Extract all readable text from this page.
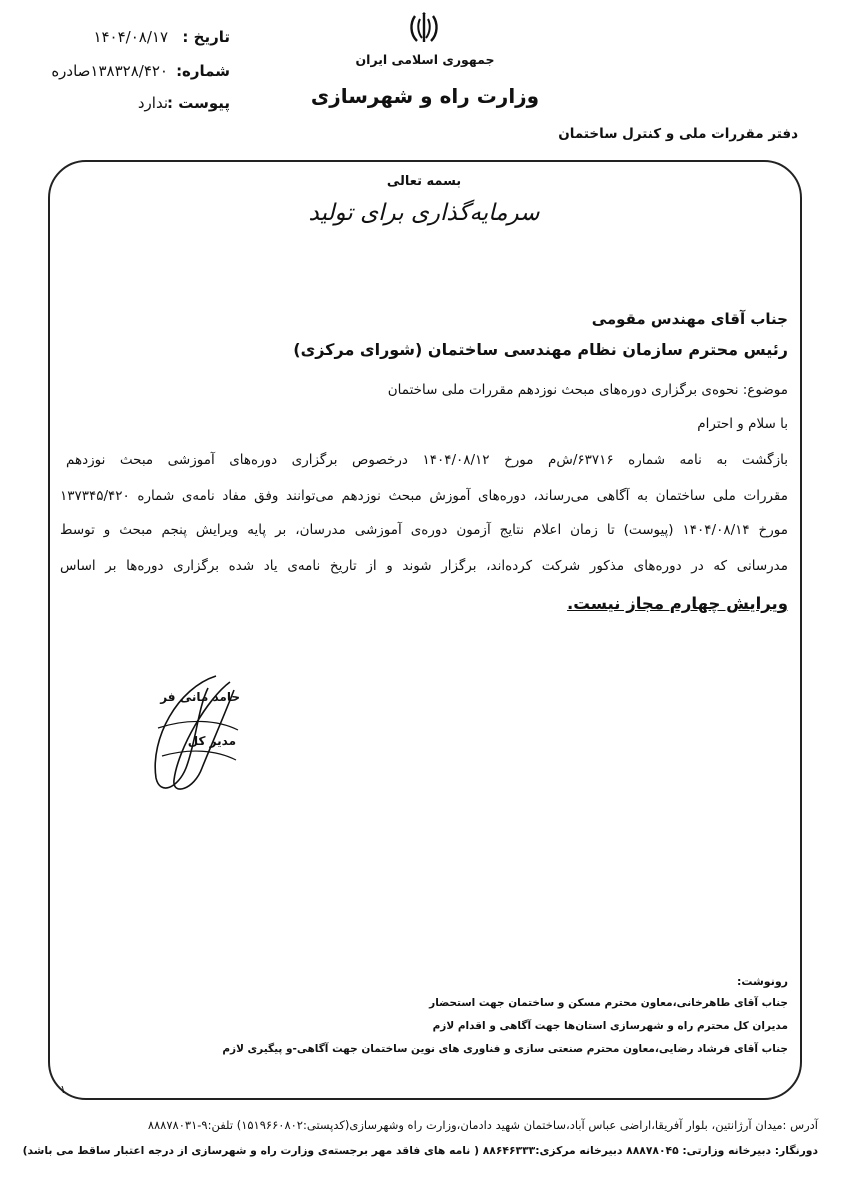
تاریخ :
۱۴۰۴/۰۸/۱۷
شماره:
۱۳۸۳۲۸/۴۲۰صادره
پیوست :
ندارد
جمهوری اسلامی ایران
وزارت راه و شهرسازی
دفتر مقررات ملی و کنترل ساختمان
بسمه تعالی
سرمایه‌گذاری برای تولید
جناب آقای مهندس مقومی
رئیس محترم سازمان نظام مهندسی ساختمان (شورای مرکزی)
موضوع: نحوه‌ی برگزاری دوره‌های مبحث نوزدهم مقررات ملی ساختمان
با سلام و احترام
بازگشت به نامه شماره ۶۳۷۱۶/ش‌م مورخ ۱۴۰۴/۰۸/۱۲ درخصوص برگزاری دوره‌های آموزشی مبحث نوزدهم
مقررات ملی ساختمان به آگاهی می‌رساند، دوره‌های آموزش مبحث نوزدهم می‌توانند وفق مفاد نامه‌ی شماره ۱۳۷۳۴۵/۴۲۰
مورخ ۱۴۰۴/۰۸/۱۴ (پیوست) تا زمان اعلام نتایج آزمون دوره‌ی آموزشی مدرسان، بر پایه ویرایش پنجم مبحث و توسط
مدرسانی که در دوره‌های مذکور شرکت کرده‌اند، برگزار شوند و از تاریخ نامه‌ی یاد شده برگزاری دوره‌ها بر اساس
ویرایش چهارم مجاز نیست.
حامد مانی فر
مدیر کل
رونوشت:
جناب آقای طاهرخانی،معاون محترم مسکن و ساختمان جهت استحضار
مدیران کل محترم راه و شهرسازی استان‌ها جهت آگاهی و اقدام لازم
جناب آقای فرشاد رضایی،معاون محترم صنعتی سازی و فناوری های نوین ساختمان جهت آگاهی-و پیگیری لازم
۱
آدرس :میدان آرژانتین، بلوار آفریقا،اراضی عباس آباد،ساختمان شهید دادمان،وزارت راه وشهرسازی(کدپستی:۱۵۱۹۶۶۰۸۰۲) تلفن:۹-۸۸۸۷۸۰۳۱
دورنگار: دبیرخانه وزارتی: ۸۸۸۷۸۰۴۵ دبیرخانه مرکزی:۸۸۶۴۶۳۳۳ ( نامه های فاقد مهر برجسته‌ی وزارت راه و شهرسازی از درجه اعتبار ساقط می باشد)
